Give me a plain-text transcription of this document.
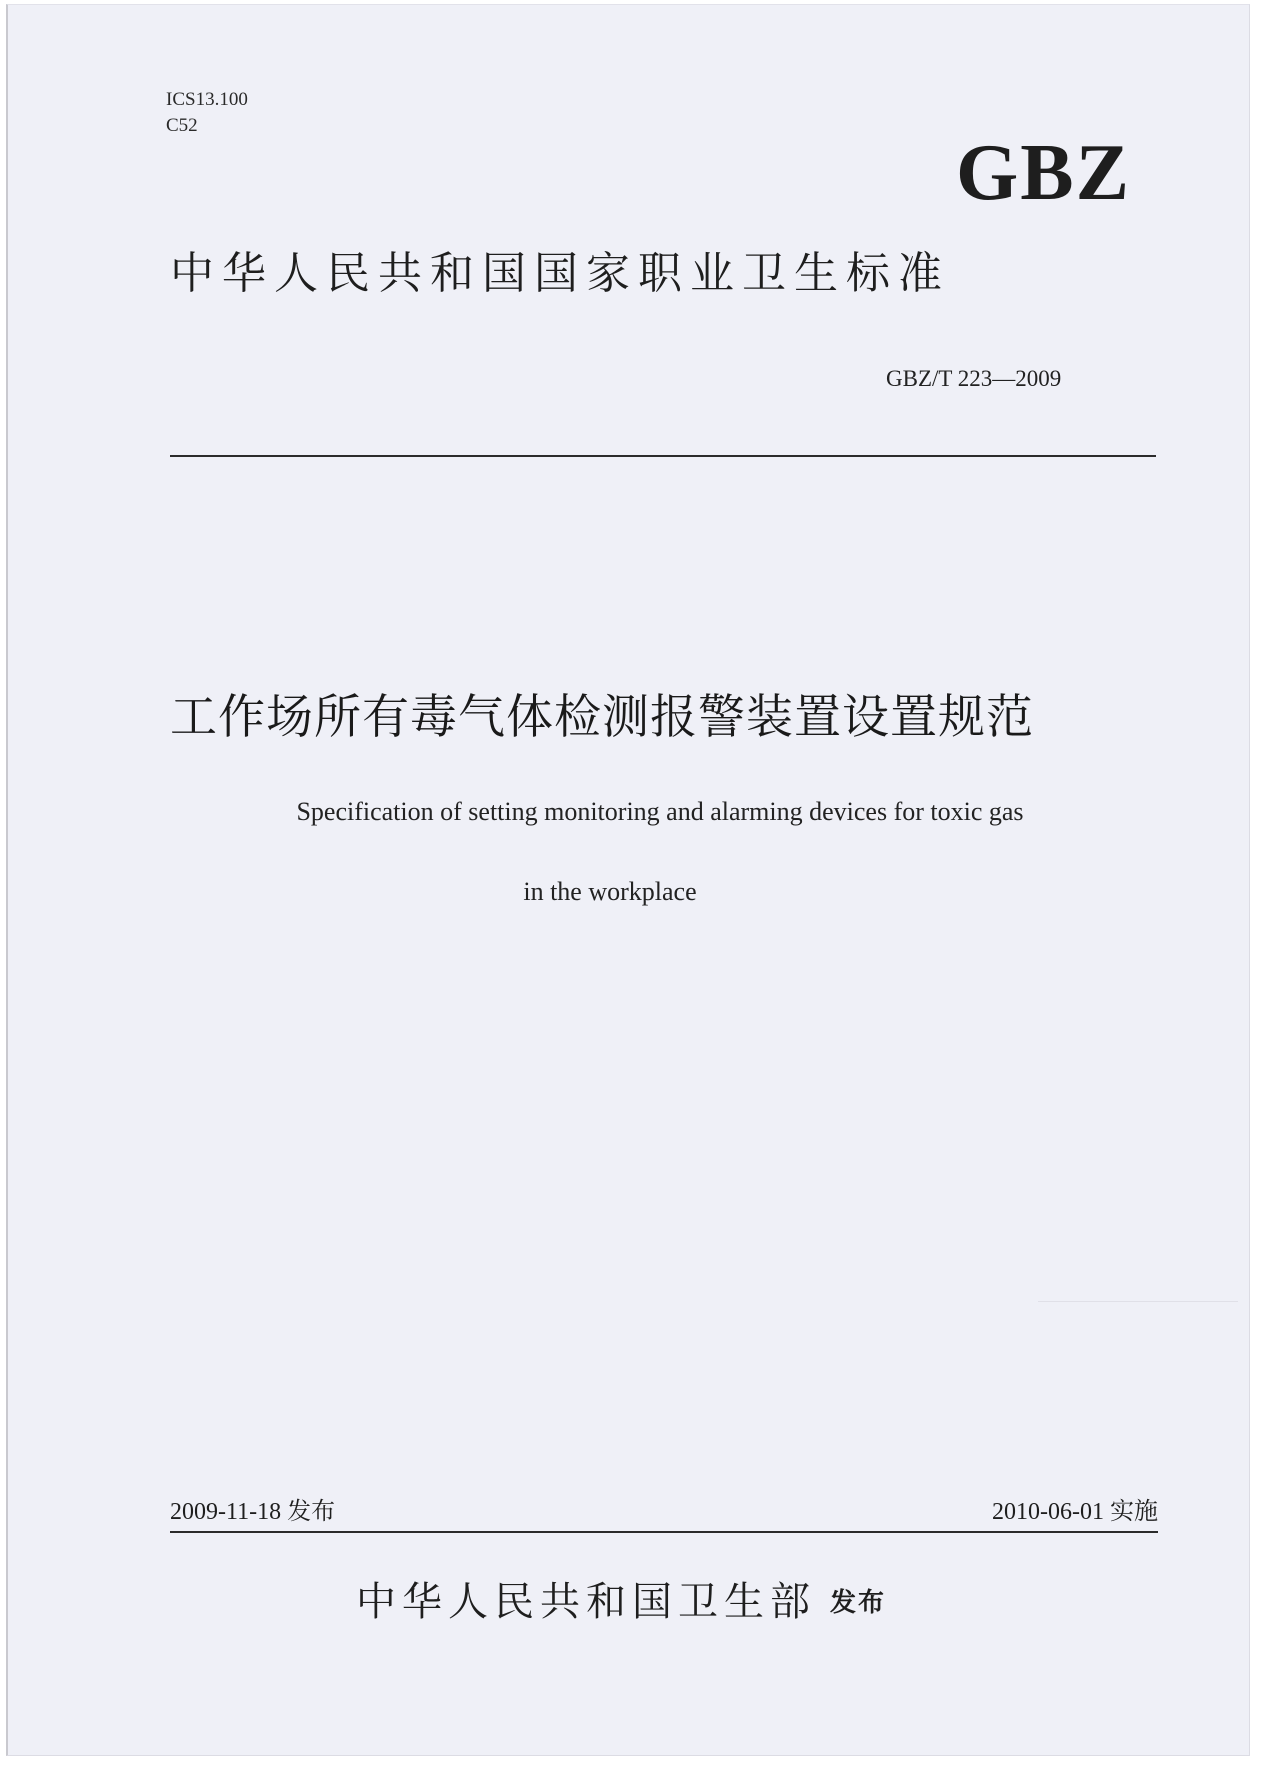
ICS13.100
C52
GBZ
中华人民共和国国家职业卫生标准
GBZ/T 223—2009
工作场所有毒气体检测报警装置设置规范
Specification of setting monitoring and alarming devices for toxic gas
in the workplace
2009-11-18 发布	2010-06-01 实施
中华人民共和国卫生部 发布
